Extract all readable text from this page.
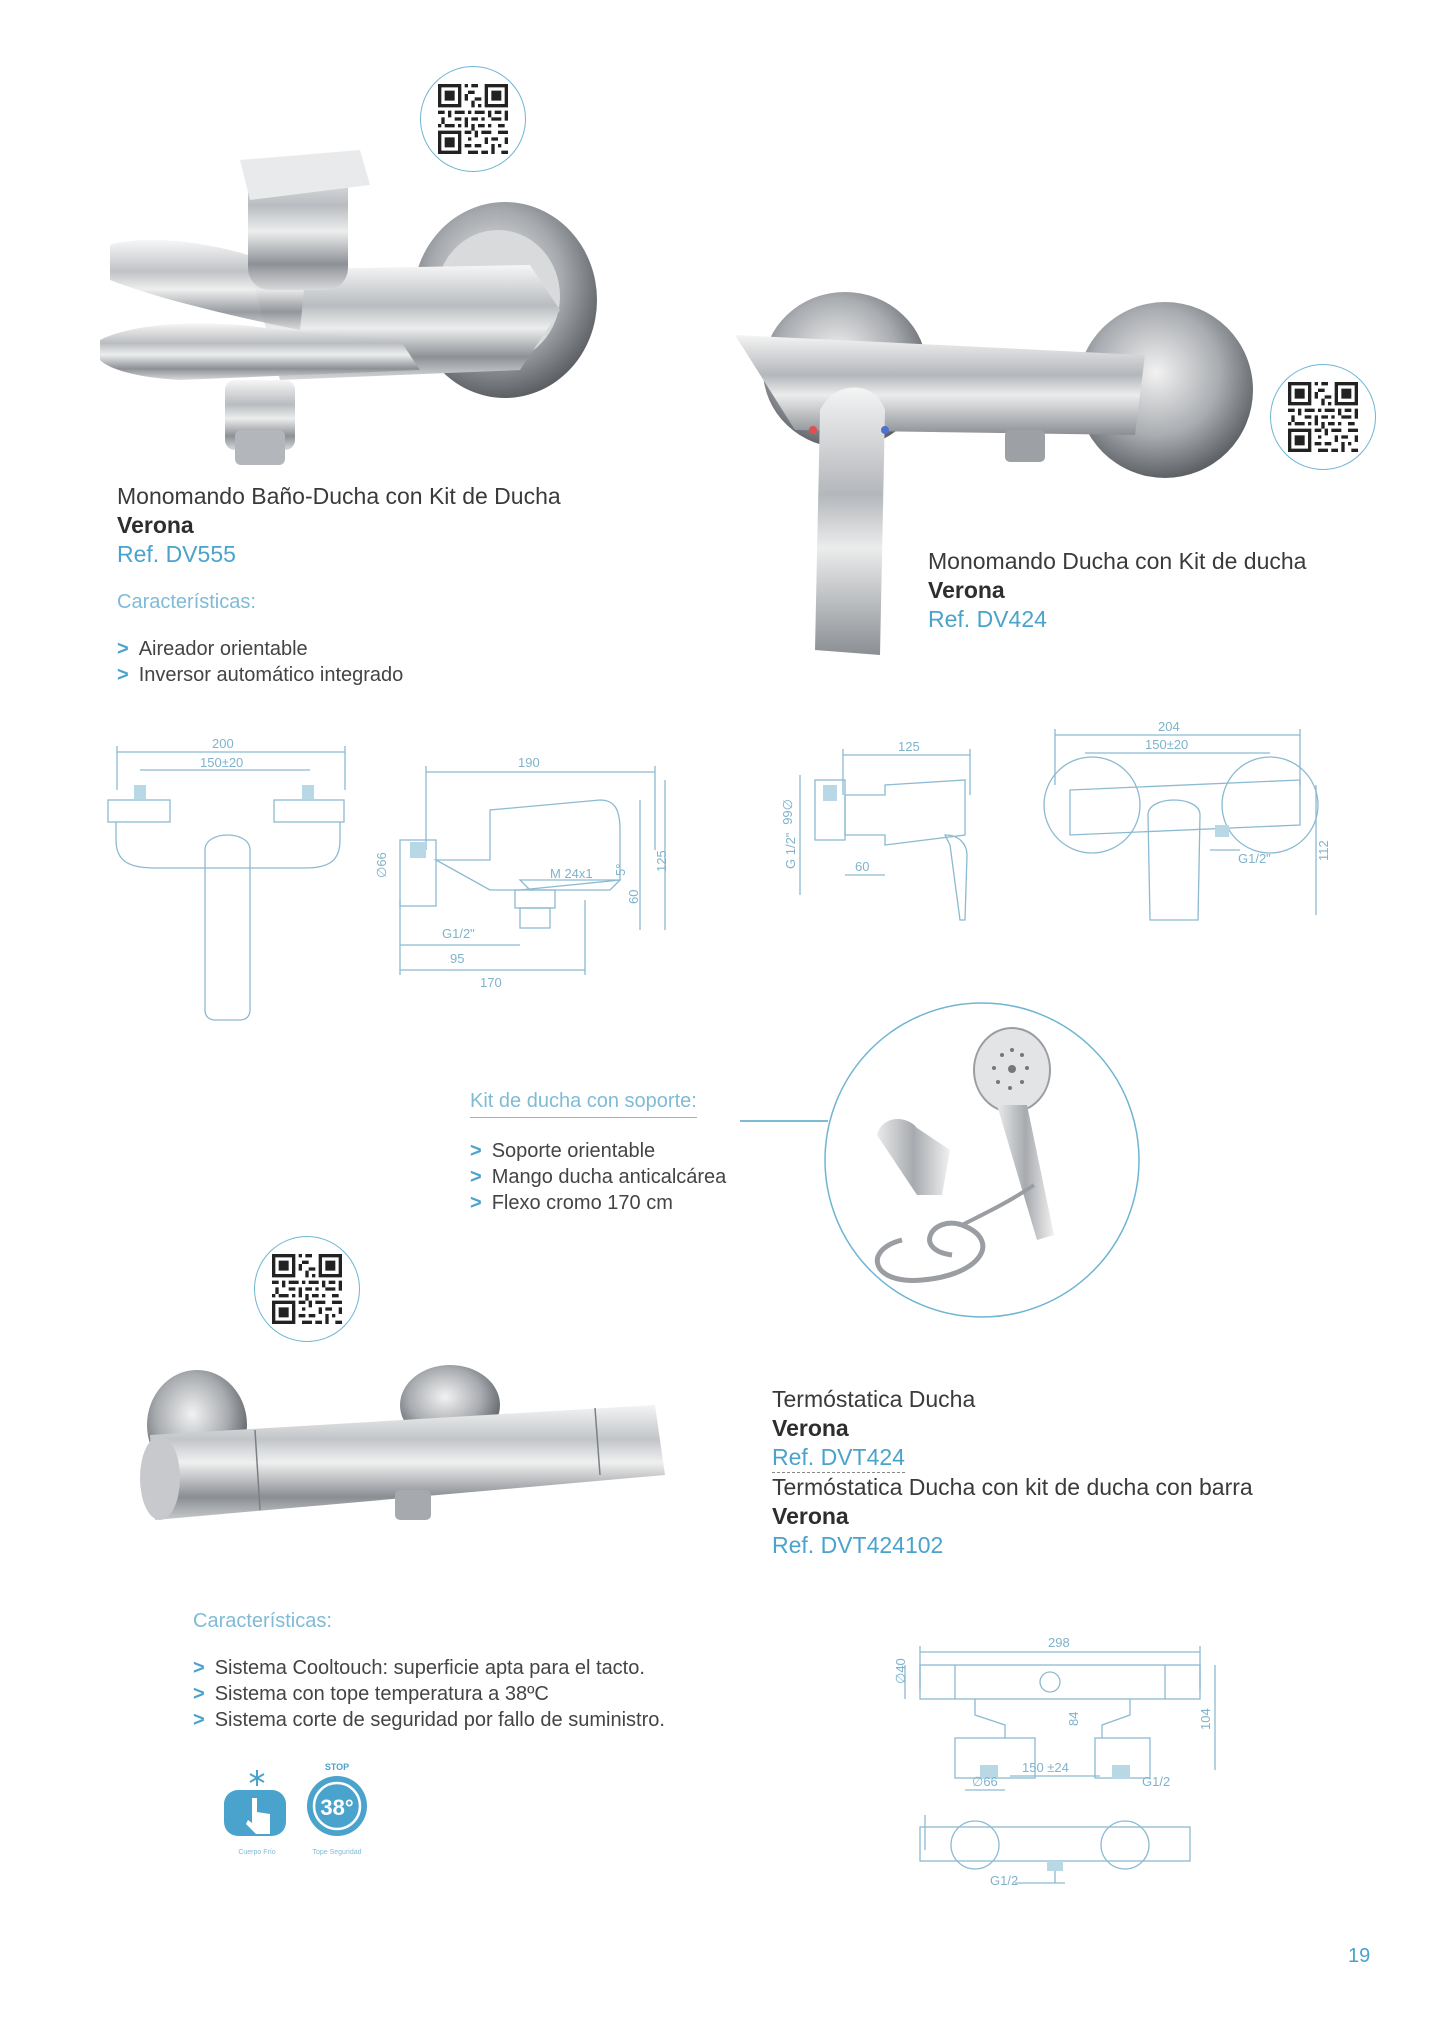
Monomando Baño-Ducha con Kit de Ducha

Verona

Ref. DV555

Características:

> Aireador orientable
> Inversor automático integrado

Monomando Ducha con Kit de ducha

Verona

Ref. DV424

200
150±20	190
∅66	M 24x1 5°
60
125
G1/2"
95
170
125
∅66
G 1/2"	60
204
150±20
G1/2"	112

Kit de ducha con soporte:

> Soporte orientable
> Mango ducha anticalcárea
> Flexo cromo 170 cm

Termóstatica Ducha

Verona

Ref. DVT424

Termóstatica Ducha con kit de ducha con barra

Verona

Ref. DVT424102

Características:

> Sistema Cooltouch: superficie apta para el tacto.
> Sistema con tope temperatura a 38ºC
> Sistema corte de seguridad por fallo de suministro.
Cuerpo Frío
STOP
38°
Tope Seguridad
298
∅40
84	104
∅66
150 ±24
G1/2
G1/2
19
